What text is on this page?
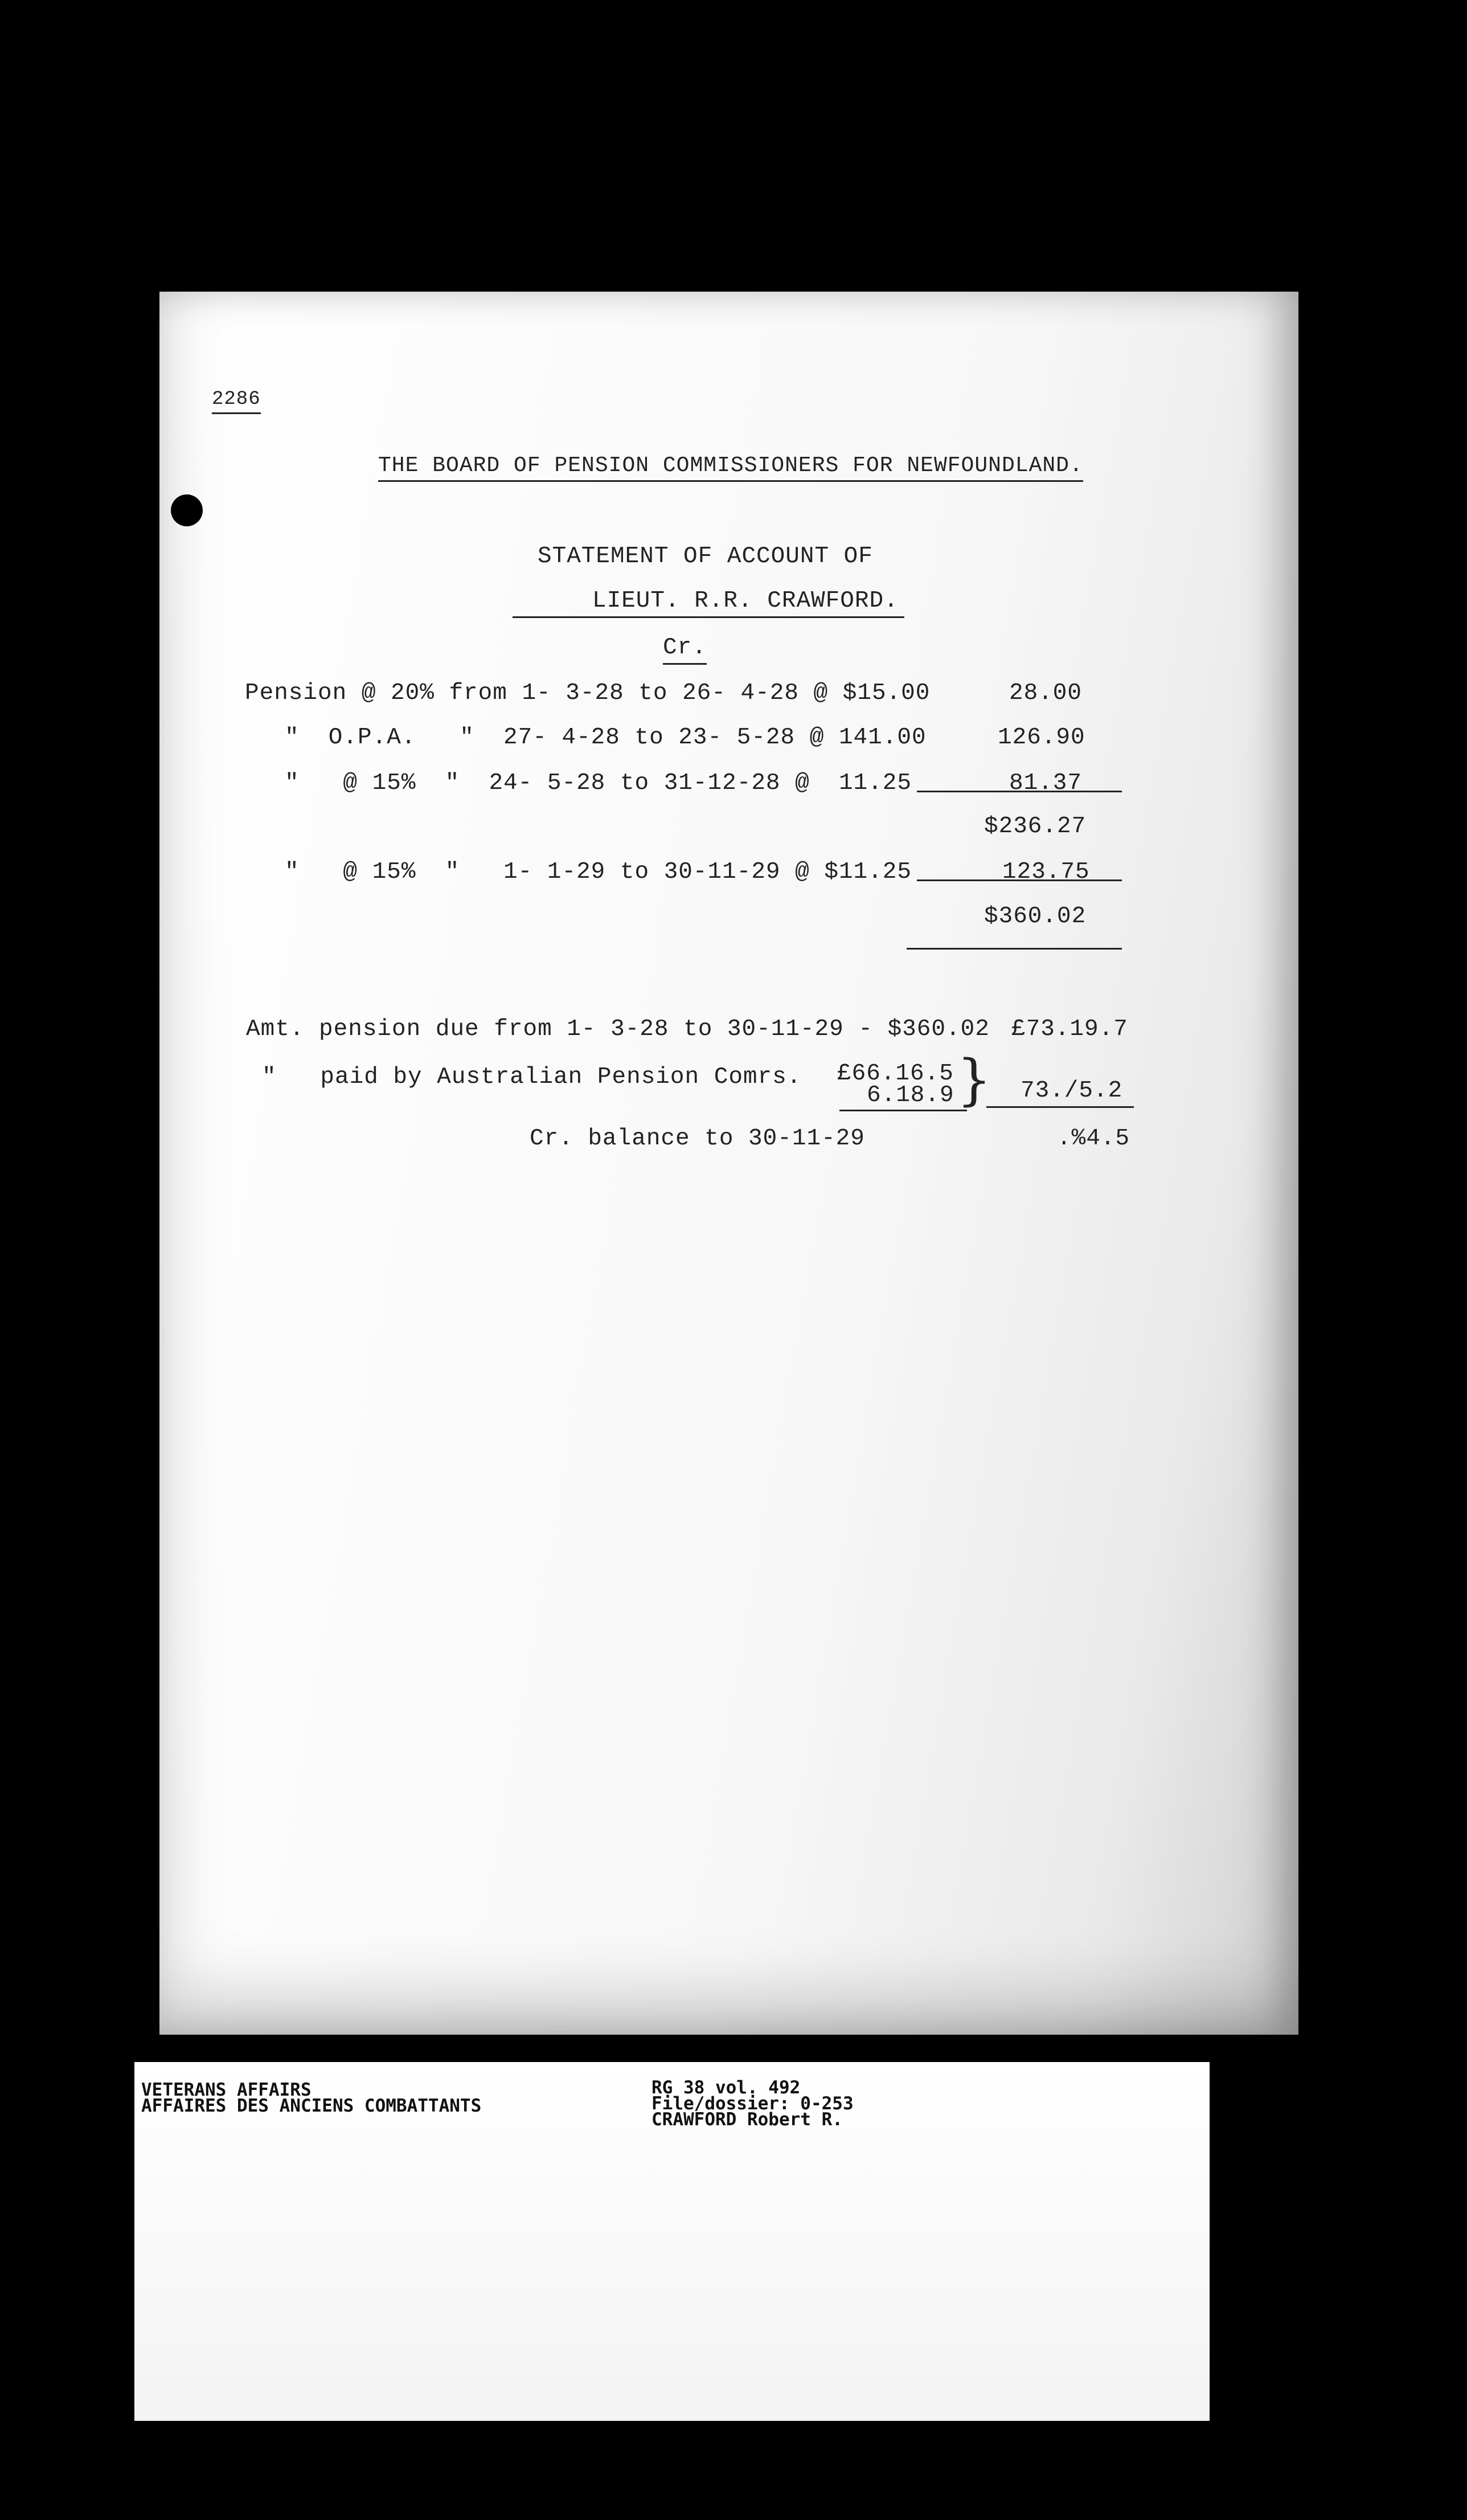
2286
THE BOARD OF PENSION COMMISSIONERS FOR NEWFOUNDLAND.
STATEMENT OF ACCOUNT OF
LIEUT. R.R. CRAWFORD.
Cr.
Pension @ 20% from 1- 3-28 to 26- 4-28 @ $15.00	28.00
"  O.P.A.   "  27- 4-28 to 23- 5-28 @ 141.00	126.90
"   @ 15%  "  24- 5-28 to 31-12-28 @  11.25	81.37
$236.27
"   @ 15%  "   1- 1-29 to 30-11-29 @ $11.25	123.75
$360.02
Amt. pension due from 1- 3-28 to 30-11-29 - $360.02 £73.19.7
"   paid by Australian Pension Comrs. £66.16.5
6.18.9 }	73./5.2
Cr. balance to 30-11-29	.%4.5
VETERANS AFFAIRS
AFFAIRES DES ANCIENS COMBATTANTS
RG 38 vol. 492
File/dossier: 0-253
CRAWFORD Robert R.
